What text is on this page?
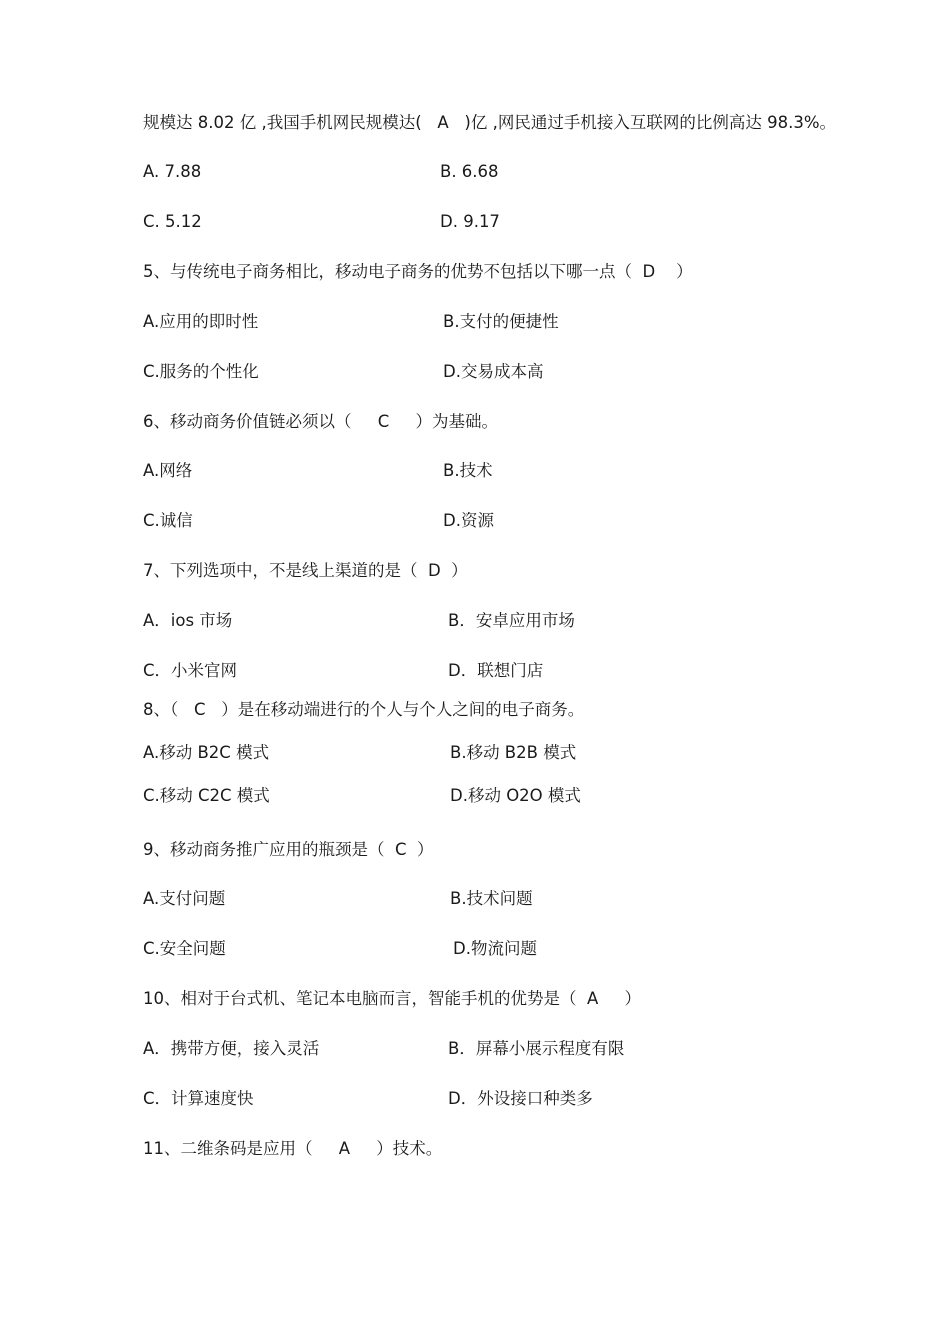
规模达 8.02 亿 ,我国手机网民规模达(   A   )亿 ,网民通过手机接入互联网的比例高达 98.3%。
A. 7.88	B. 6.68
C. 5.12	D. 9.17
5、与传统电子商务相比，移动电子商务的优势不包括以下哪一点（  D    ）
A.应用的即时性	B.支付的便捷性
C.服务的个性化	D.交易成本高
6、移动商务价值链必须以（     C     ）为基础。
A.网络	B.技术
C.诚信	D.资源
7、下列选项中，不是线上渠道的是（  D  ）
A．ios 市场	B．安卓应用市场
C．小米官网	D．联想门店
8、（   C   ）是在移动端进行的个人与个人之间的电子商务。
A.移动 B2C 模式	B.移动 B2B 模式
C.移动 C2C 模式	D.移动 O2O 模式
9、移动商务推广应用的瓶颈是（  C  ）
A.支付问题	B.技术问题
C.安全问题	D.物流问题
10、相对于台式机、笔记本电脑而言，智能手机的优势是（  A     ）
A．携带方便，接入灵活	B．屏幕小展示程度有限
C．计算速度快	D．外设接口种类多
11、二维条码是应用（     A     ）技术。
